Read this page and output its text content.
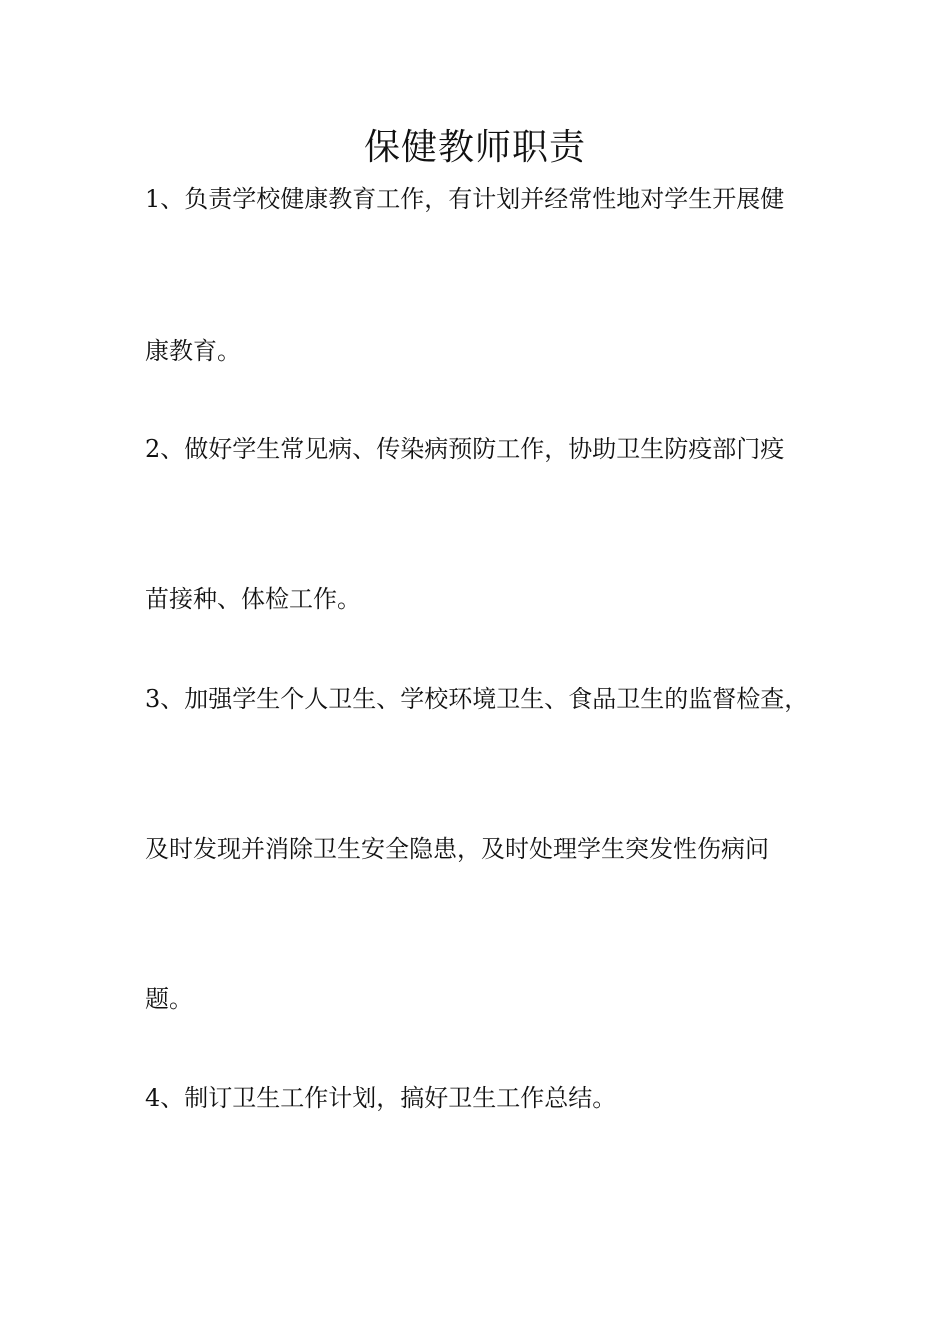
保健教师职责

1、负责学校健康教育工作，有计划并经常性地对学生开展健

康教育。

2、做好学生常见病、传染病预防工作，协助卫生防疫部门疫

苗接种、体检工作。

3、加强学生个人卫生、学校环境卫生、食品卫生的监督检查，

及时发现并消除卫生安全隐患，及时处理学生突发性伤病问

题。

4、制订卫生工作计划，搞好卫生工作总结。
